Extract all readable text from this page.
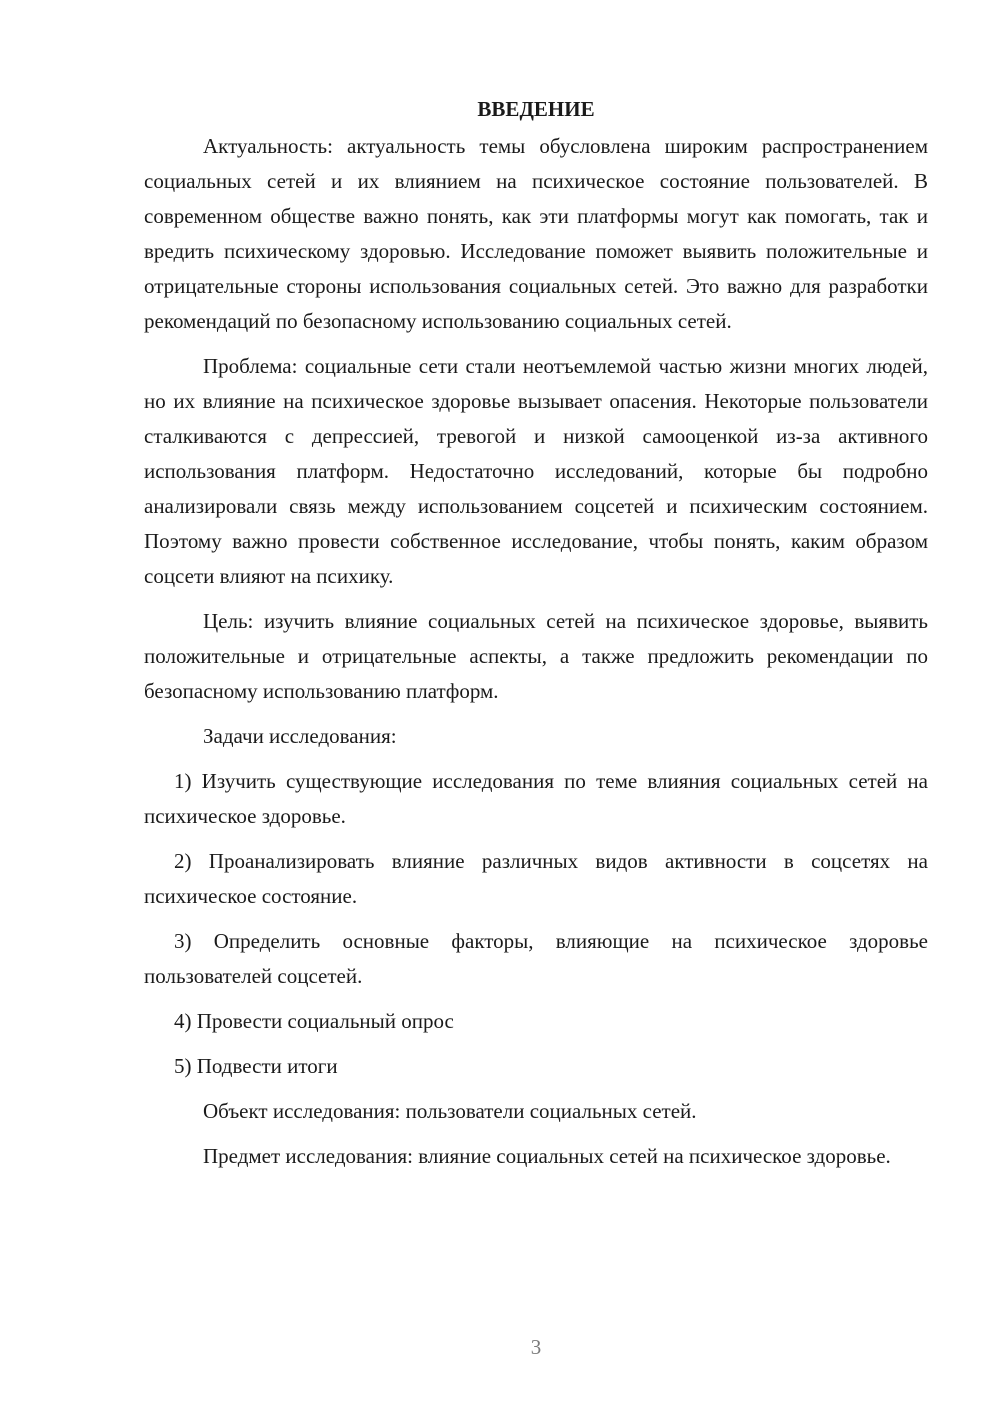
ВВЕДЕНИЕ

Актуальность: актуальность темы обусловлена широким распространением социальных сетей и их влиянием на психическое состояние пользователей. В современном обществе важно понять, как эти платформы могут как помогать, так и вредить психическому здоровью. Исследование поможет выявить положительные и отрицательные стороны использования социальных сетей. Это важно для разработки рекомендаций по безопасному использованию социальных сетей.

Проблема: социальные сети стали неотъемлемой частью жизни многих людей, но их влияние на психическое здоровье вызывает опасения. Некоторые пользователи сталкиваются с депрессией, тревогой и низкой самооценкой из-за активного использования платформ. Недостаточно исследований, которые бы подробно анализировали связь между использованием соцсетей и психическим состоянием. Поэтому важно провести собственное исследование, чтобы понять, каким образом соцсети влияют на психику.

Цель: изучить влияние социальных сетей на психическое здоровье, выявить положительные и отрицательные аспекты, а также предложить рекомендации по безопасному использованию платформ.

Задачи исследования:

1) Изучить существующие исследования по теме влияния социальных сетей на психическое здоровье.

2) Проанализировать влияние различных видов активности в соцсетях на психическое состояние.

3) Определить основные факторы, влияющие на психическое здоровье пользователей соцсетей.

4) Провести социальный опрос

5) Подвести итоги

Объект исследования: пользователи социальных сетей.

Предмет исследования: влияние социальных сетей на психическое здоровье.

3
